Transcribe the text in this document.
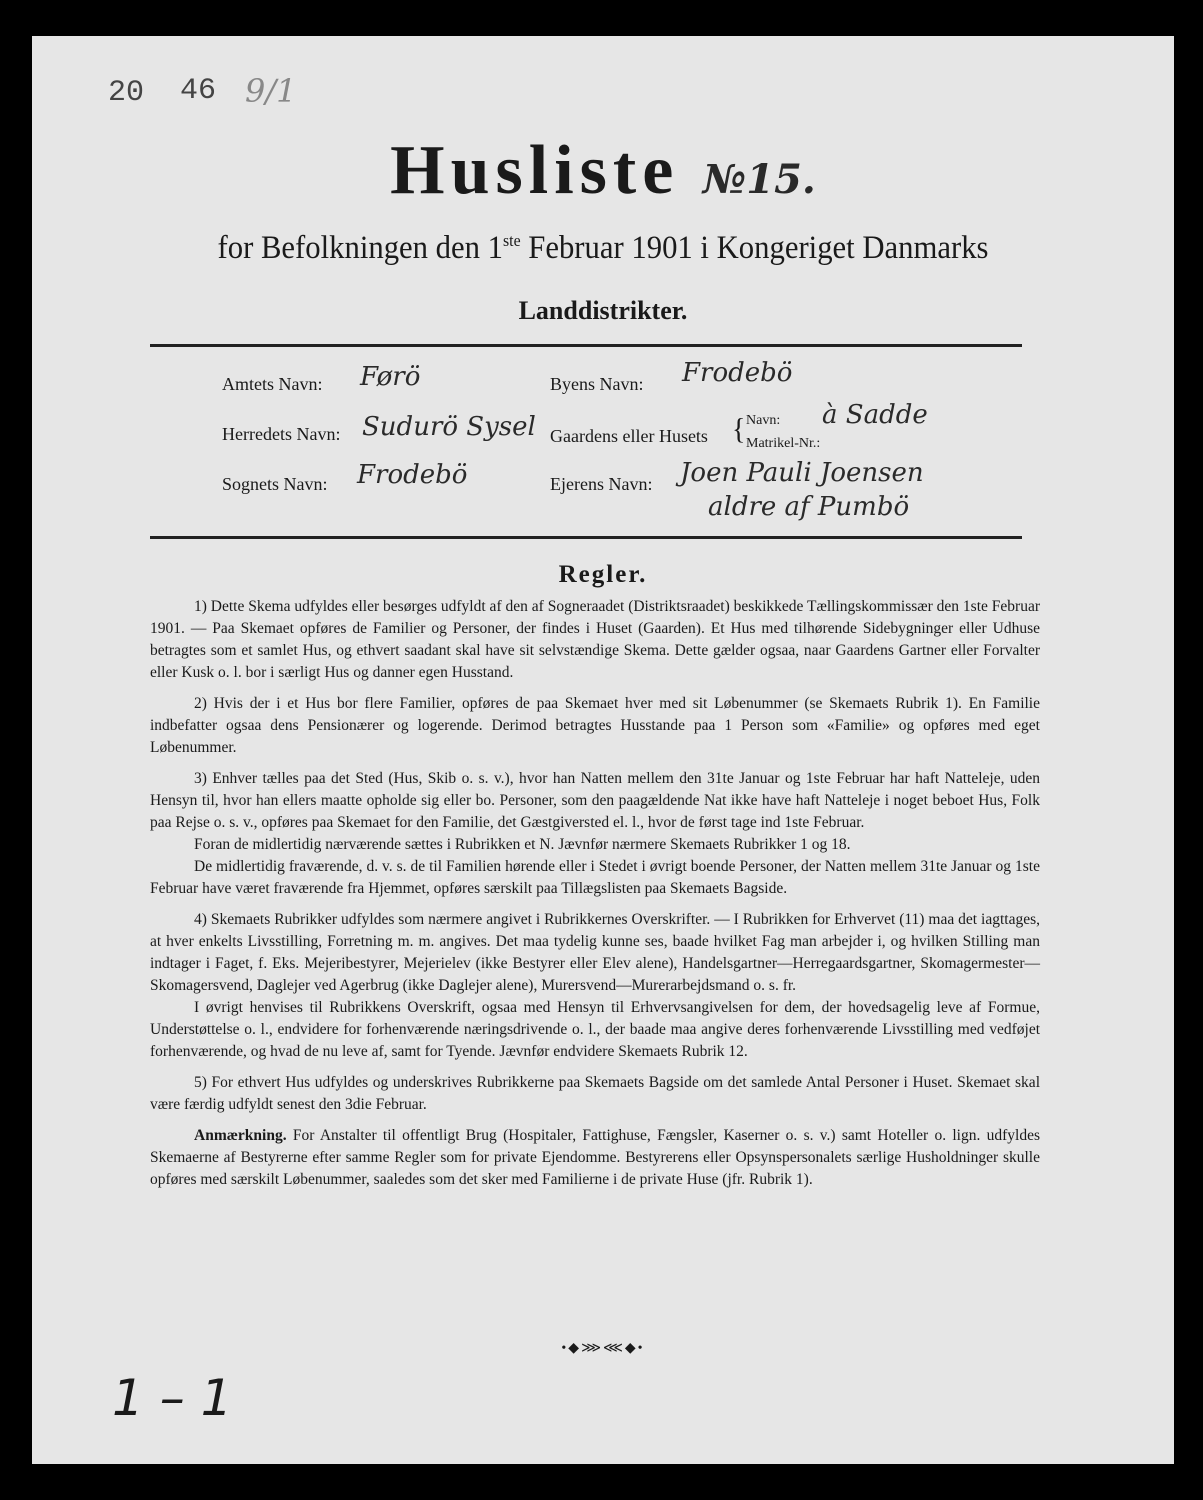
20 46 9/1
Husliste №15.
for Befolkningen den 1ste Februar 1901 i Kongeriget Danmarks
Landdistrikter.
Amtets Navn: Førö
Herredets Navn: Sudurö Sysel
Sognets Navn: Frodebö
Byens Navn: Frodebö
Gaardens eller Husets { Navn: à Sadde
Matrikel-Nr.:
Ejerens Navn: Joen Pauli Joensen
aldre af Pumbö
Regler.

1) Dette Skema udfyldes eller besørges udfyldt af den af Sogneraadet (Distriktsraadet) beskikkede Tællingskommissær den 1ste Februar 1901. — Paa Skemaet opføres de Familier og Personer, der findes i Huset (Gaarden). Et Hus med tilhørende Sidebygninger eller Udhuse betragtes som et samlet Hus, og ethvert saadant skal have sit selvstændige Skema. Dette gælder ogsaa, naar Gaardens Gartner eller Forvalter eller Kusk o. l. bor i særligt Hus og danner egen Husstand.

2) Hvis der i et Hus bor flere Familier, opføres de paa Skemaet hver med sit Løbenummer (se Skemaets Rubrik 1). En Familie indbefatter ogsaa dens Pensionærer og logerende. Derimod betragtes Husstande paa 1 Person som «Familie» og opføres med eget Løbenummer.

3) Enhver tælles paa det Sted (Hus, Skib o. s. v.), hvor han Natten mellem den 31te Januar og 1ste Februar har haft Natteleje, uden Hensyn til, hvor han ellers maatte opholde sig eller bo. Personer, som den paagældende Nat ikke have haft Natteleje i noget beboet Hus, Folk paa Rejse o. s. v., opføres paa Skemaet for den Familie, det Gæstgiversted el. l., hvor de først tage ind 1ste Februar.

Foran de midlertidig nærværende sættes i Rubrikken et N. Jævnfør nærmere Skemaets Rubrikker 1 og 18.

De midlertidig fraværende, d. v. s. de til Familien hørende eller i Stedet i øvrigt boende Personer, der Natten mellem 31te Januar og 1ste Februar have været fraværende fra Hjemmet, opføres særskilt paa Tillægslisten paa Skemaets Bagside.

4) Skemaets Rubrikker udfyldes som nærmere angivet i Rubrikkernes Overskrifter. — I Rubrikken for Erhvervet (11) maa det iagttages, at hver enkelts Livsstilling, Forretning m. m. angives. Det maa tydelig kunne ses, baade hvilket Fag man arbejder i, og hvilken Stilling man indtager i Faget, f. Eks. Mejeribestyrer, Mejerielev (ikke Bestyrer eller Elev alene), Handelsgartner—Herregaardsgartner, Skomagermester—Skomagersvend, Daglejer ved Agerbrug (ikke Daglejer alene), Murersvend—Murerarbejdsmand o. s. fr.

I øvrigt henvises til Rubrikkens Overskrift, ogsaa med Hensyn til Erhvervsangivelsen for dem, der hovedsagelig leve af Formue, Understøttelse o. l., endvidere for forhenværende næringsdrivende o. l., der baade maa angive deres forhenværende Livsstilling med vedføjet forhenværende, og hvad de nu leve af, samt for Tyende. Jævnfør endvidere Skemaets Rubrik 12.

5) For ethvert Hus udfyldes og underskrives Rubrikkerne paa Skemaets Bagside om det samlede Antal Personer i Huset. Skemaet skal være færdig udfyldt senest den 3die Februar.

Anmærkning. For Anstalter til offentligt Brug (Hospitaler, Fattighuse, Fængsler, Kaserner o. s. v.) samt Hoteller o. lign. udfyldes Skemaerne af Bestyrerne efter samme Regler som for private Ejendomme. Bestyrerens eller Opsynspersonalets særlige Husholdninger skulle opføres med særskilt Løbenummer, saaledes som det sker med Familierne i de private Huse (jfr. Rubrik 1).

•◆⋙⋘◆•
1 – 1
